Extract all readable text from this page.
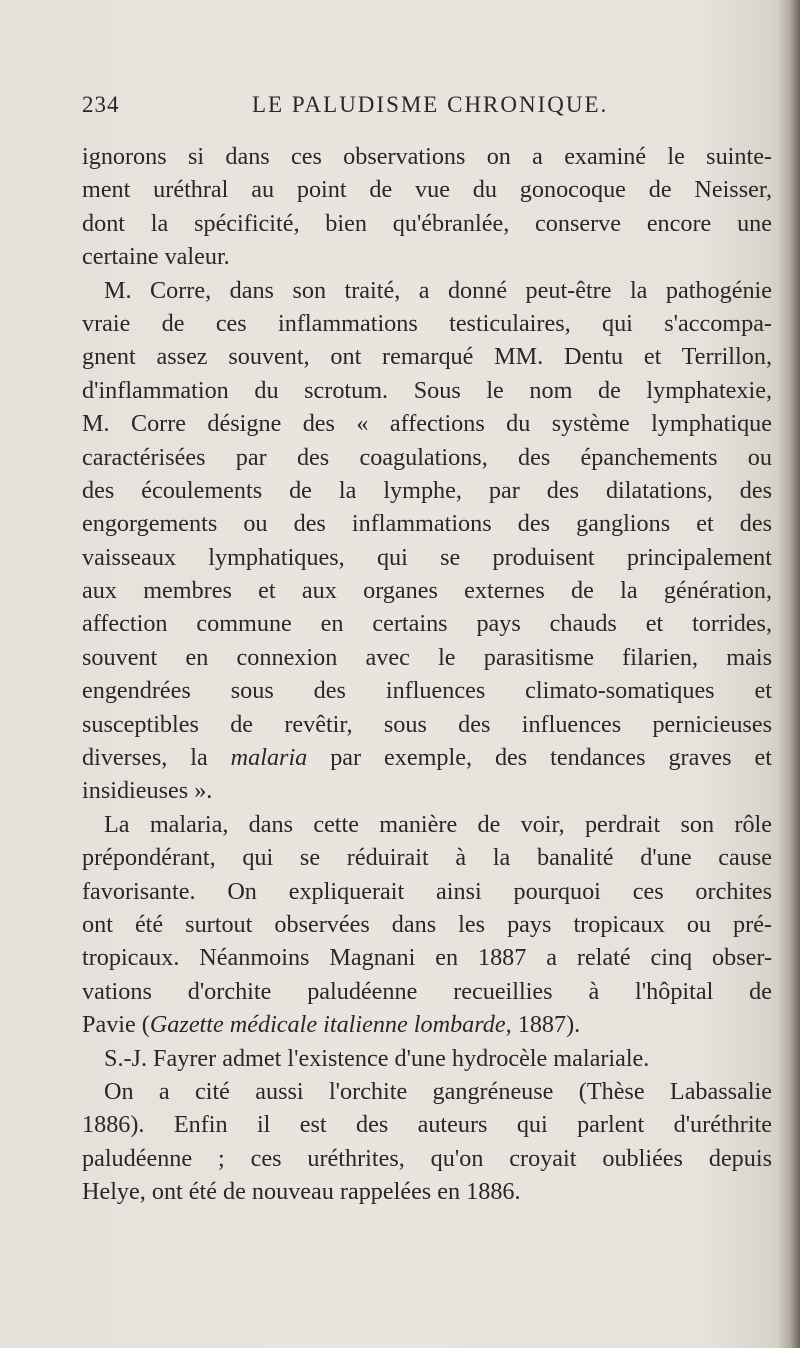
234	LE PALUDISME CHRONIQUE.
ignorons si dans ces observations on a examiné le suinte-
ment uréthral au point de vue du gonocoque de Neisser,
dont la spécificité, bien qu'ébranlée, conserve encore une
certaine valeur.
M. Corre, dans son traité, a donné peut-être la pathogénie
vraie de ces inflammations testiculaires, qui s'accompa-
gnent assez souvent, ont remarqué MM. Dentu et Terrillon,
d'inflammation du scrotum. Sous le nom de lymphatexie,
M. Corre désigne des « affections du système lymphatique
caractérisées par des coagulations, des épanchements ou
des écoulements de la lymphe, par des dilatations, des
engorgements ou des inflammations des ganglions et des
vaisseaux lymphatiques, qui se produisent principalement
aux membres et aux organes externes de la génération,
affection commune en certains pays chauds et torrides,
souvent en connexion avec le parasitisme filarien, mais
engendrées sous des influences climato-somatiques et
susceptibles de revêtir, sous des influences pernicieuses
diverses, la malaria par exemple, des tendances graves et
insidieuses ».
La malaria, dans cette manière de voir, perdrait son rôle
prépondérant, qui se réduirait à la banalité d'une cause
favorisante. On expliquerait ainsi pourquoi ces orchites
ont été surtout observées dans les pays tropicaux ou pré-
tropicaux. Néanmoins Magnani en 1887 a relaté cinq obser-
vations d'orchite paludéenne recueillies à l'hôpital de
Pavie (Gazette médicale italienne lombarde, 1887).
S.-J. Fayrer admet l'existence d'une hydrocèle malariale.
On a cité aussi l'orchite gangréneuse (Thèse Labassalie
1886). Enfin il est des auteurs qui parlent d'uréthrite
paludéenne ; ces uréthrites, qu'on croyait oubliées depuis
Helye, ont été de nouveau rappelées en 1886.
